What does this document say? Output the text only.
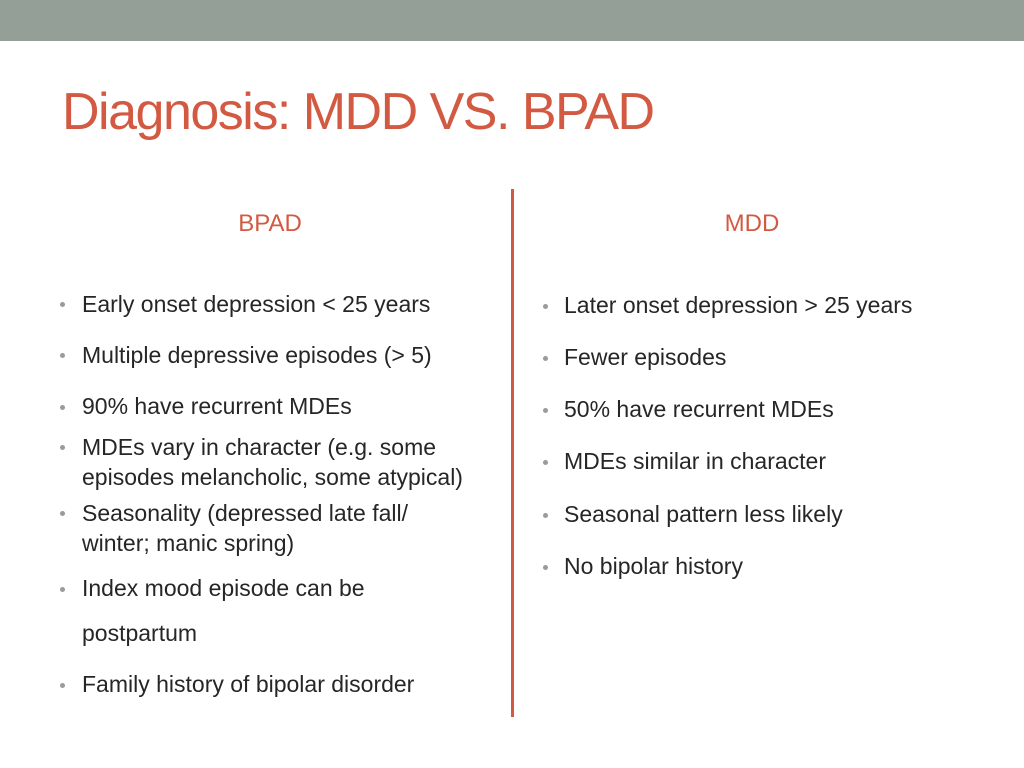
Diagnosis: MDD VS. BPAD
BPAD	MDD
Early onset depression < 25 years
Multiple depressive episodes (> 5)
90% have recurrent MDEs
MDEs vary in character (e.g. some
episodes melancholic, some atypical)
Seasonality (depressed late fall/
winter; manic spring)
Index mood episode can be
postpartum
Family history of bipolar disorder
Later onset depression > 25 years
Fewer episodes
50% have recurrent MDEs
MDEs similar in character
Seasonal pattern less likely
No bipolar history
